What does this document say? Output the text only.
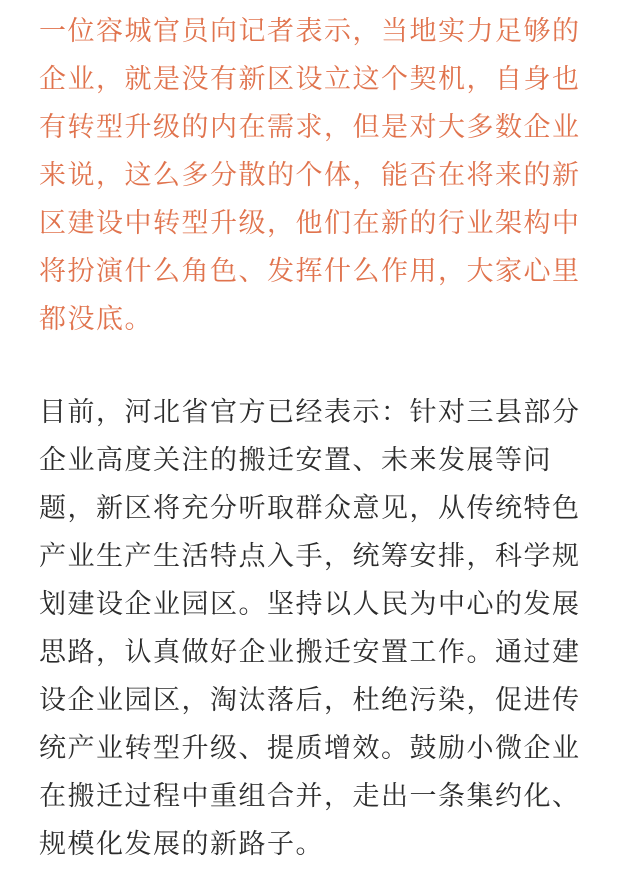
一位容城官员向记者表示，当地实力足够的
企业，就是没有新区设立这个契机，自身也
有转型升级的内在需求，但是对大多数企业
来说，这么多分散的个体，能否在将来的新
区建设中转型升级，他们在新的行业架构中
将扮演什么角色、发挥什么作用，大家心里
都没底。
目前，河北省官方已经表示：针对三县部分
企业高度关注的搬迁安置、未来发展等问
题，新区将充分听取群众意见，从传统特色
产业生产生活特点入手，统筹安排，科学规
划建设企业园区。坚持以人民为中心的发展
思路，认真做好企业搬迁安置工作。通过建
设企业园区，淘汰落后，杜绝污染，促进传
统产业转型升级、提质增效。鼓励小微企业
在搬迁过程中重组合并，走出一条集约化、
规模化发展的新路子。
